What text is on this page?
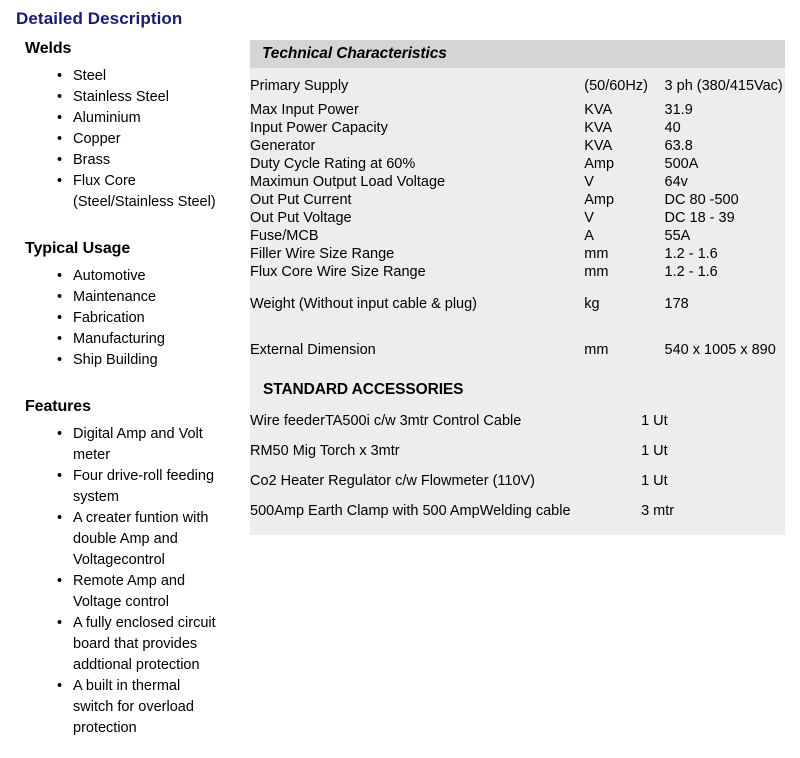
Detailed Description
Welds
• Steel
• Stainless Steel
• Aluminium
• Copper
• Brass
• Flux Core
(Steel/Stainless Steel)
Typical Usage
• Automotive
• Maintenance
• Fabrication
• Manufacturing
• Ship Building
Features
• Digital Amp and Volt
meter
• Four drive-roll feeding
system
• A creater funtion with
double Amp and Voltagecontrol
• Remote Amp and
Voltage control
• A fully enclosed circuit
board that provides addtional protection
• A built in thermal
switch for overload protection
Technical Characteristics
Primary Supply	(50/60Hz)	3 ph (380/415Vac)
Max Input Power	KVA	31.9
Input Power Capacity	KVA	40
Generator	KVA	63.8
Duty Cycle Rating at 60%	Amp	500A
Maximun Output Load Voltage	V	64v
Out Put Current	Amp	DC 80 -500
Out Put Voltage	V	DC 18 - 39
Fuse/MCB	A	55A
Filler Wire Size Range	mm	1.2 - 1.6
Flux Core Wire Size Range	mm	1.2 - 1.6
Weight (Without input cable & plug)	kg	178
External Dimension	mm	540 x 1005 x 890
STANDARD ACCESSORIES
Wire feederTA500i c/w 3mtr Control Cable	1 Ut
RM50 Mig Torch x 3mtr	1 Ut
Co2 Heater Regulator c/w Flowmeter (110V)	1 Ut
500Amp Earth Clamp with 500 AmpWelding cable	3 mtr
